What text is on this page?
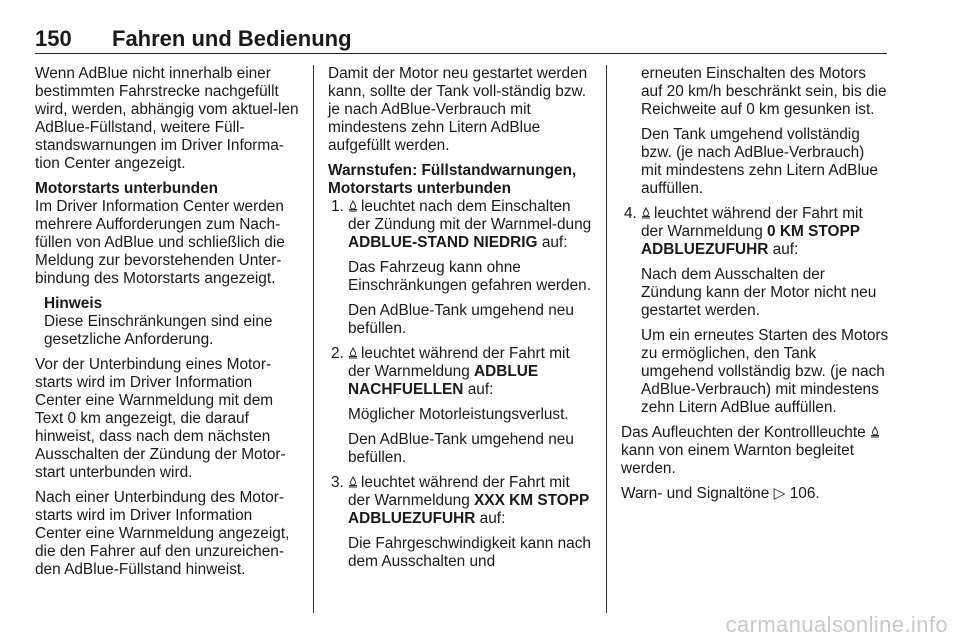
150 Fahren und Bedienung

Wenn AdBlue nicht innerhalb einer bestimmten Fahrstrecke nachgefüllt wird, werden, abhängig vom aktuel-len AdBlue-Füllstand, weitere Füll-standswarnungen im Driver Informa-tion Center angezeigt.

Motorstarts unterbunden

Im Driver Information Center werden mehrere Aufforderungen zum Nach-füllen von AdBlue und schließlich die Meldung zur bevorstehenden Unter-bindung des Motorstarts angezeigt.

Hinweis
Diese Einschränkungen sind eine gesetzliche Anforderung.

Vor der Unterbindung eines Motor-starts wird im Driver Information Center eine Warnmeldung mit dem Text 0 km angezeigt, die darauf hinweist, dass nach dem nächsten Ausschalten der Zündung der Motor-start unterbunden wird.

Nach einer Unterbindung des Motor-starts wird im Driver Information Center eine Warnmeldung angezeigt, die den Fahrer auf den unzureichen-den AdBlue-Füllstand hinweist.

Damit der Motor neu gestartet werden kann, sollte der Tank voll-ständig bzw. je nach AdBlue-Verbrauch mit mindestens zehn Litern AdBlue aufgefüllt werden.

Warnstufen: Füllstandwarnungen, Motorstarts unterbunden
1. leuchtet nach dem Einschalten der Zündung mit der Warnmel-dung ADBLUE-STAND NIEDRIG auf:

Das Fahrzeug kann ohne Einschränkungen gefahren werden.

Den AdBlue-Tank umgehend neu befüllen.

2. leuchtet während der Fahrt mit der Warnmeldung ADBLUE NACHFUELLEN auf:

Möglicher Motorleistungsverlust.

Den AdBlue-Tank umgehend neu befüllen.

3. leuchtet während der Fahrt mit der Warnmeldung XXX KM STOPP ADBLUEZUFUHR auf:

Die Fahrgeschwindigkeit kann nach dem Ausschalten und

erneuten Einschalten des Motors auf 20 km/h beschränkt sein, bis die Reichweite auf 0 km gesunken ist.

Den Tank umgehend vollständig bzw. (je nach AdBlue-Verbrauch) mit mindestens zehn Litern AdBlue auffüllen.

4. leuchtet während der Fahrt mit der Warnmeldung 0 KM STOPP ADBLUEZUFUHR auf:

Nach dem Ausschalten der Zündung kann der Motor nicht neu gestartet werden.

Um ein erneutes Starten des Motors zu ermöglichen, den Tank umgehend vollständig bzw. (je nach AdBlue-Verbrauch) mit mindestens zehn Litern AdBlue auffüllen.

Das Aufleuchten der Kontrollleuchte
kann von einem Warnton begleitet werden.

Warn- und Signaltöne ▷ 106.

carmanualsonline.info
